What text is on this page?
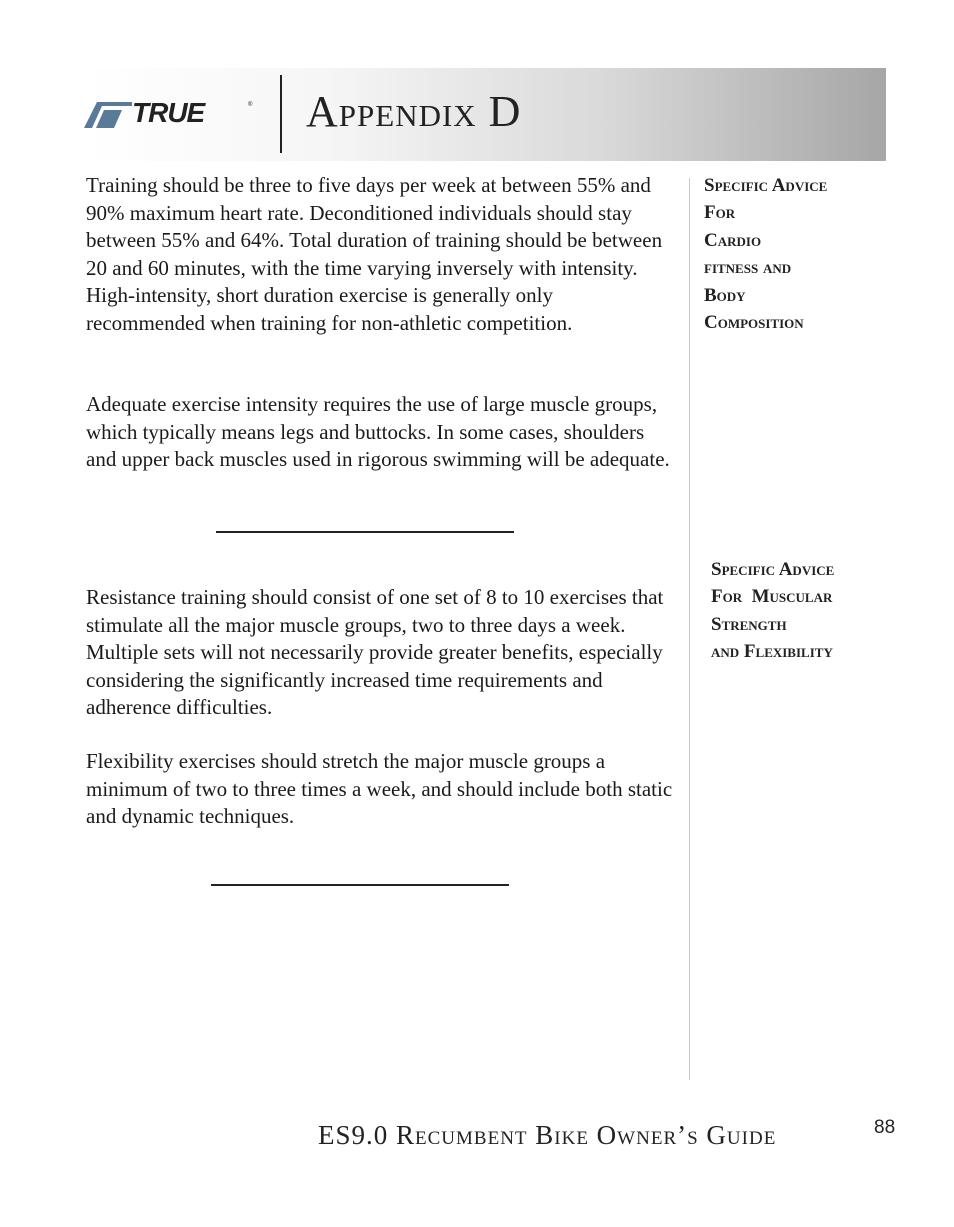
TRUE	® Appendix D

Training should be three to five days per week at between 55% and 90% maximum heart rate. Deconditioned individuals should stay between 55% and 64%. Total duration of training should be between 20 and 60 minutes, with the time varying inversely with intensity. High-intensity, short duration exercise is generally only recommended when training for non-athletic competition.

Adequate exercise intensity requires the use of large muscle groups, which typically means legs and buttocks. In some cases, shoulders and upper back muscles used in rigorous swimming will be adequate.

Resistance training should consist of one set of 8 to 10 exercises that stimulate all the major muscle groups, two to three days a week. Multiple sets will not necessarily provide greater benefits, especially considering the significantly increased time requirements and adherence difficulties.

Flexibility exercises should stretch the major muscle groups a minimum of two to three times a week, and should include both static and dynamic techniques.

Specific Advice
For
Cardio
fitness and
Body
Composition
Specific Advice
For  Muscular
Strength
and Flexibility
ES9.0 Recumbent Bike Owner’s Guide	88
